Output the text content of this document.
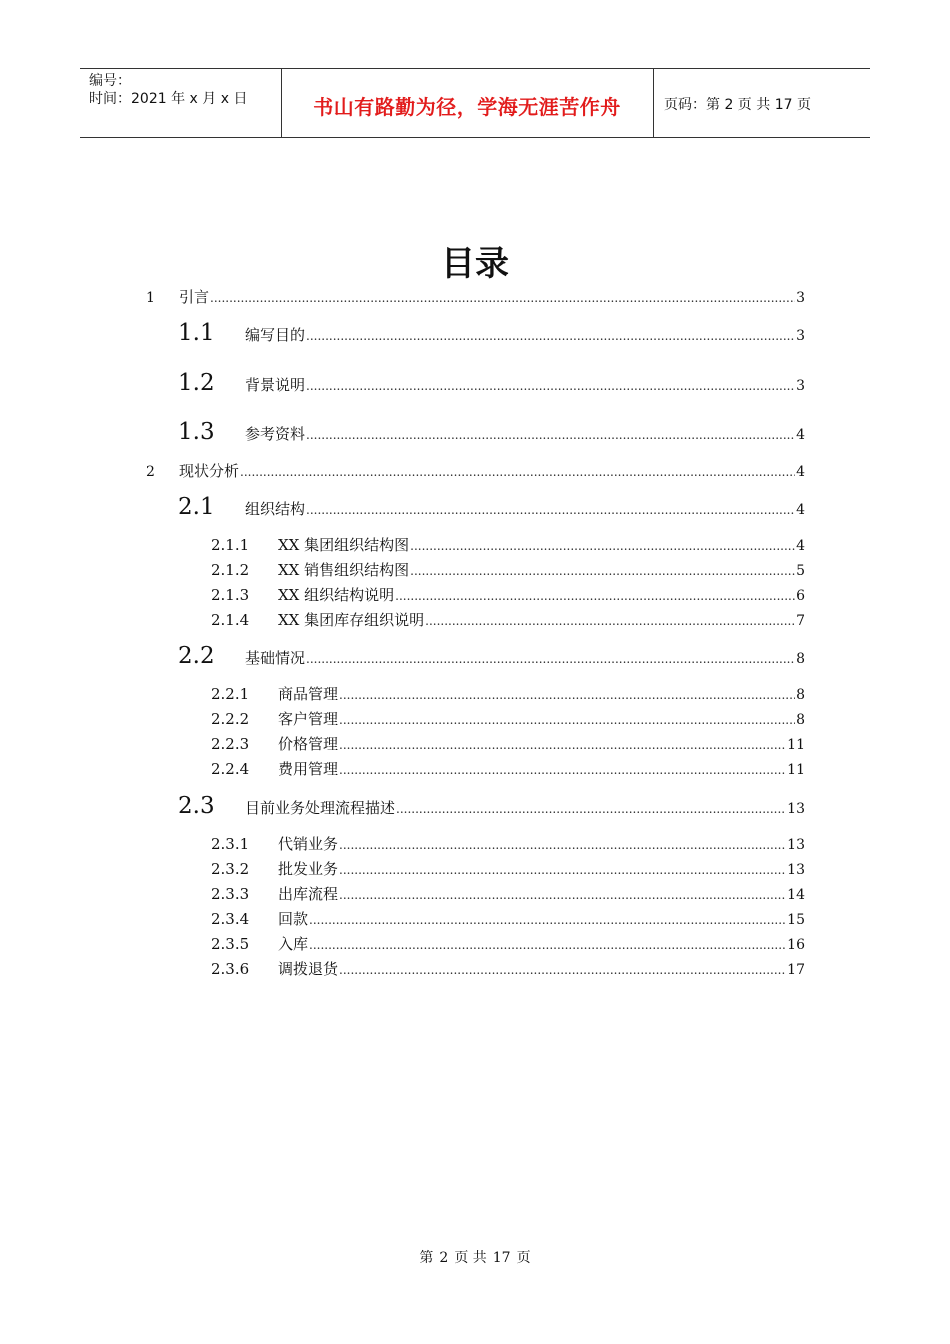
编号：
时间：2021 年 x 月 x 日	书山有路勤为径，学海无涯苦作舟	页码：第 2 页 共 17 页
目录
1	引言 .....	3
1.1	编写目的 .....	3
1.2	背景说明 .....	3
1.3	参考资料 .....	4
2	现状分析 .....	4
2.1	组织结构 .....	4
2.1.1	XX 集团组织结构图 .....	4
2.1.2	XX 销售组织结构图 .....	5
2.1.3	XX 组织结构说明 .....	6
2.1.4	XX 集团库存组织说明 .....	7
2.2	基础情况 .....	8
2.2.1	商品管理 .....	8
2.2.2	客户管理 .....	8
2.2.3	价格管理 .....	11
2.2.4	费用管理 .....	11
2.3	目前业务处理流程描述 .....	13
2.3.1	代销业务 .....	13
2.3.2	批发业务 .....	13
2.3.3	出库流程 .....	14
2.3.4	回款 .....	15
2.3.5	入库 .....	16
2.3.6	调拨退货 .....	17
第 2 页 共 17 页
